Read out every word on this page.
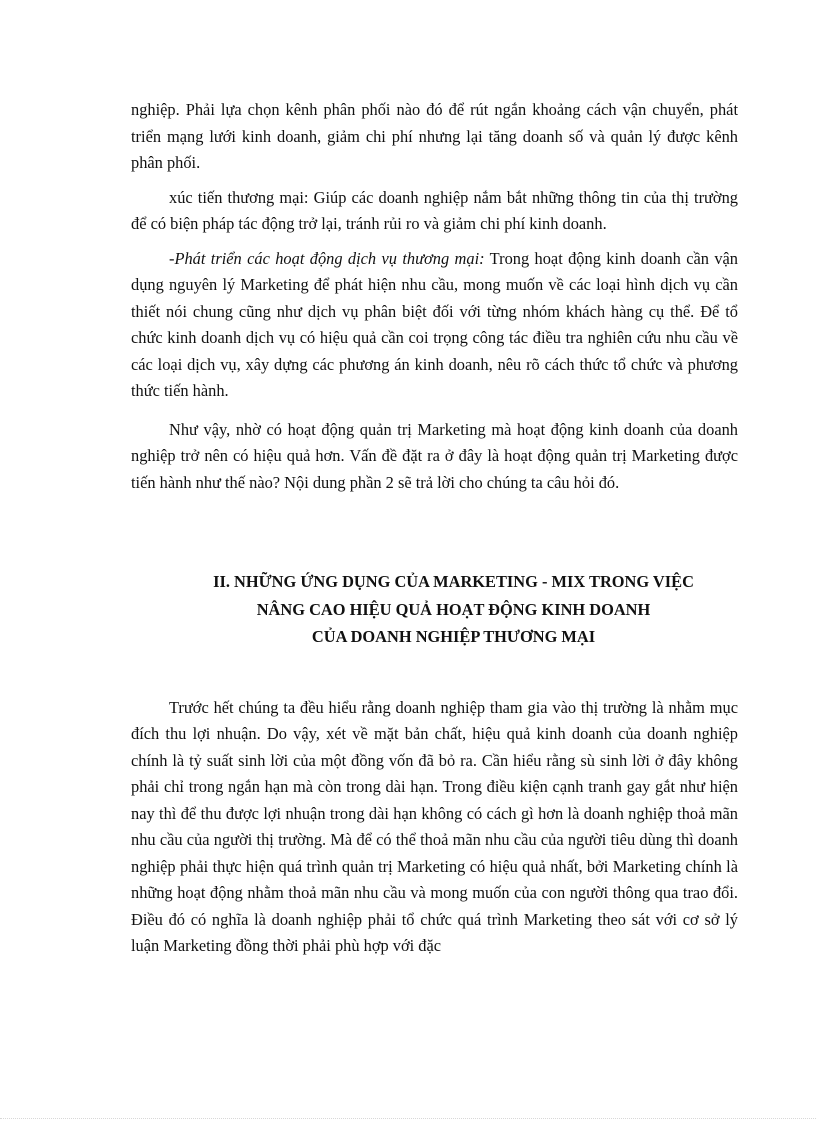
nghiệp. Phải lựa chọn kênh phân phối nào đó để rút ngắn khoảng cách vận chuyển, phát triển mạng lưới kinh doanh, giảm chi phí nhưng lại tăng doanh số và quản lý được kênh phân phối.

xúc tiến thương mại: Giúp các doanh nghiệp nắm bắt những thông tin của thị trường để có biện pháp tác động trở lại, tránh rủi ro và giảm chi phí kinh doanh.

-Phát triển các hoạt động dịch vụ thương mại: Trong hoạt động kinh doanh cần vận dụng nguyên lý Marketing để phát hiện nhu cầu, mong muốn về các loại hình dịch vụ cần thiết nói chung cũng như dịch vụ phân biệt đối với từng nhóm khách hàng cụ thể. Để tổ chức kinh doanh dịch vụ có hiệu quả cần coi trọng công tác điều tra nghiên cứu nhu cầu về các loại dịch vụ, xây dựng các phương án kinh doanh, nêu rõ cách thức tổ chức và phương thức tiến hành.

Như vậy, nhờ có hoạt động quản trị Marketing mà hoạt động kinh doanh của doanh nghiệp trở nên có hiệu quả hơn. Vấn đề đặt ra ở đây là hoạt động quản trị Marketing được tiến hành như thế nào? Nội dung phần 2 sẽ trả lời cho chúng ta câu hỏi đó.

II. NHỮNG ỨNG DỤNG CỦA MARKETING - MIX TRONG VIỆC
NÂNG CAO HIỆU QUẢ HOẠT ĐỘNG KINH DOANH
CỦA DOANH NGHIỆP THƯƠNG MẠI

Trước hết chúng ta đều hiểu rằng doanh nghiệp tham gia vào thị trường là nhằm mục đích thu lợi nhuận. Do vậy, xét về mặt bản chất, hiệu quả kinh doanh của doanh nghiệp chính là tỷ suất sinh lời của một đồng vốn đã bỏ ra. Cần hiểu rằng sù sinh lời ở đây không phải chỉ trong ngắn hạn mà còn trong dài hạn. Trong điều kiện cạnh tranh gay gắt như hiện nay thì để thu được lợi nhuận trong dài hạn không có cách gì hơn là doanh nghiệp thoả mãn nhu cầu của người thị trường. Mà để có thể thoả mãn nhu cầu của người tiêu dùng thì doanh nghiệp phải thực hiện quá trình quản trị Marketing có hiệu quả nhất, bởi Marketing chính là những hoạt động nhằm thoả mãn nhu cầu và mong muốn của con người thông qua trao đổi. Điều đó có nghĩa là doanh nghiệp phải tổ chức quá trình Marketing theo sát với cơ sở lý luận Marketing đồng thời phải phù hợp với đặc
